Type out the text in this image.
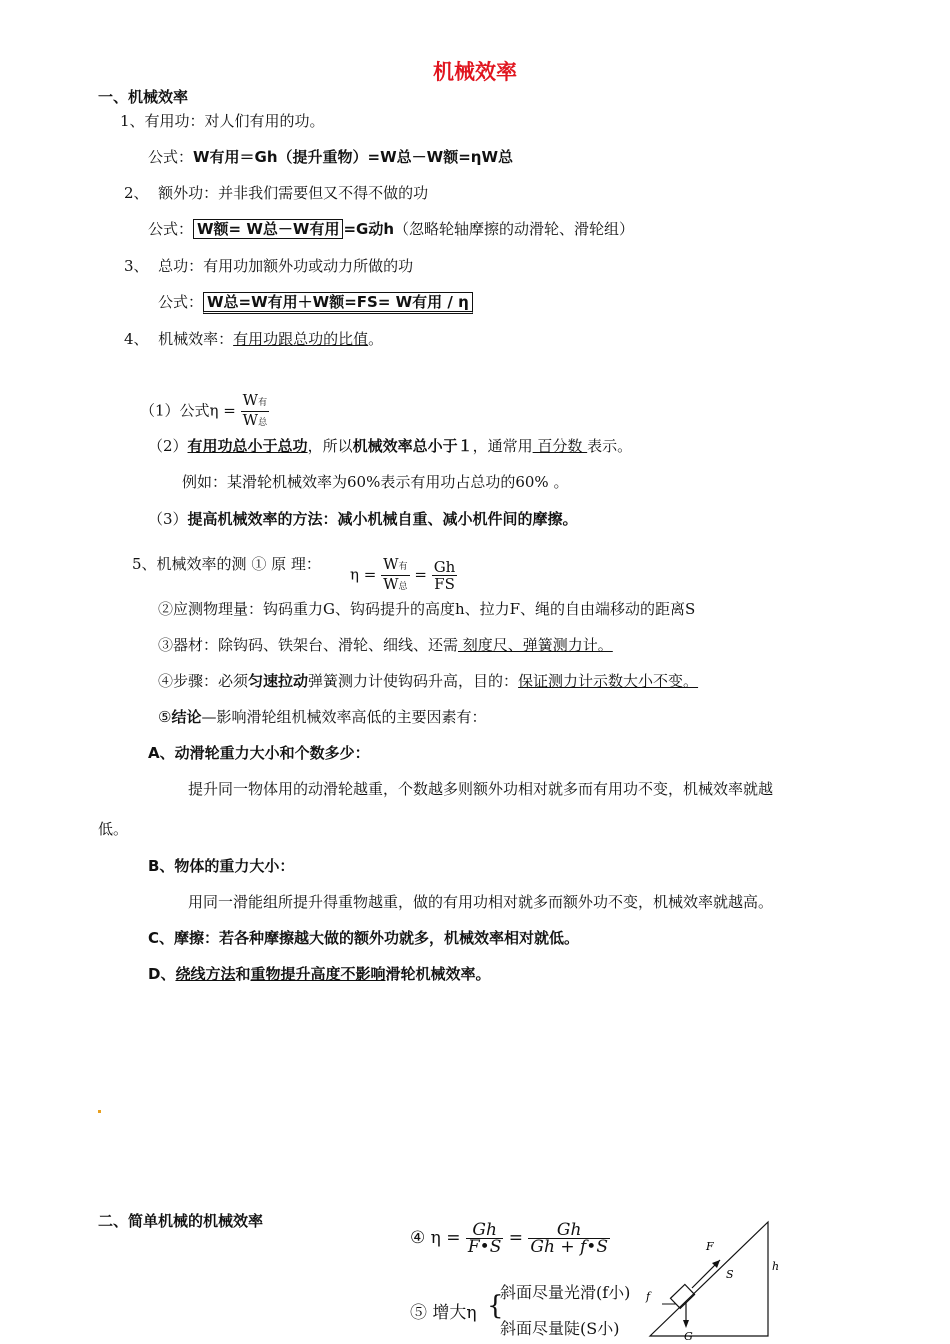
机械效率
一、机械效率
1、有用功：对人们有用的功。
公式：W有用＝Gh（提升重物）=W总－W额=ηW总
2、 额外功：并非我们需要但又不得不做的功
公式： W额= W总－W有用 =G动h（忽略轮轴摩擦的动滑轮、滑轮组）
3、 总功：有用功加额外功或动力所做的功
公式： W总=W有用＋W额=FS= W有用 / η
4、 机械效率：有用功跟总功的比值。
（1）公式$\eta = \frac{\text{W有}}{\text{W总}}$
（2）有用功总小于总功，所以机械效率总小于１，通常用 百分数 表示。
例如：某滑轮机械效率为60%表示有用功占总功的60% 。
（3）提高机械效率的方法：减小机械自重、减小机件间的摩擦。
5、机械效率的测 ① 原 理：
$\eta = \frac{\text{W有}}{\text{W总}} = \frac{Gh}{FS}$
②应测物理量：钩码重力G、钩码提升的高度h、拉力F、绳的自由端移动的距离S
③器材：除钩码、铁架台、滑轮、细线、还需 刻度尺、弹簧测力计。
④步骤：必须匀速拉动弹簧测力计使钩码升高，目的：保证测力计示数大小不变。
⑤结论—影响滑轮组机械效率高低的主要因素有：
A、动滑轮重力大小和个数多少：
提升同一物体用的动滑轮越重，个数越多则额外功相对就多而有用功不变，机械效率就越
低。
B、物体的重力大小：
用同一滑能组所提升得重物越重，做的有用功相对就多而额外功不变，机械效率就越高。
C、摩擦：若各种摩擦越大做的额外功就多，机械效率相对就低。
D、绕线方法和重物提升高度不影响滑轮机械效率。
二、简单机械的机械效率
④ $\eta = \frac{Gh}{F•S} = \frac{Gh}{Gh + f•S}$
⑤ 增大η {
斜面尽量光滑(f小)
斜面尽量陡(S小)
F
S
h
f
G
